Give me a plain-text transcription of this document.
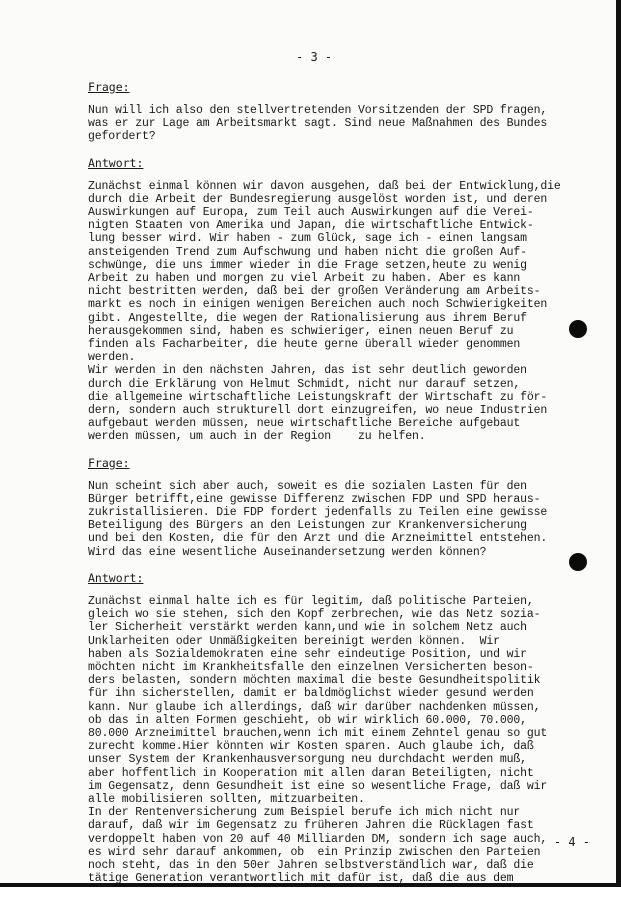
- 3 -
Frage:
Nun will ich also den stellvertretenden Vorsitzenden der SPD fragen,
was er zur Lage am Arbeitsmarkt sagt. Sind neue Maßnahmen des Bundes
gefordert?
Antwort:
Zunächst einmal können wir davon ausgehen, daß bei der Entwicklung,die
durch die Arbeit der Bundesregierung ausgelöst worden ist, und deren
Auswirkungen auf Europa, zum Teil auch Auswirkungen auf die Verei-
nigten Staaten von Amerika und Japan, die wirtschaftliche Entwick-
lung besser wird. Wir haben - zum Glück, sage ich - einen langsam
ansteigenden Trend zum Aufschwung und haben nicht die großen Auf-
schwünge, die uns immer wieder in die Frage setzen,heute zu wenig
Arbeit zu haben und morgen zu viel Arbeit zu haben. Aber es kann
nicht bestritten werden, daß bei der großen Veränderung am Arbeits-
markt es noch in einigen wenigen Bereichen auch noch Schwierigkeiten
gibt. Angestellte, die wegen der Rationalisierung aus ihrem Beruf
herausgekommen sind, haben es schwieriger, einen neuen Beruf zu
finden als Facharbeiter, die heute gerne überall wieder genommen
werden.
Wir werden in den nächsten Jahren, das ist sehr deutlich geworden
durch die Erklärung von Helmut Schmidt, nicht nur darauf setzen,
die allgemeine wirtschaftliche Leistungskraft der Wirtschaft zu för-
dern, sondern auch strukturell dort einzugreifen, wo neue Industrien
aufgebaut werden müssen, neue wirtschaftliche Bereiche aufgebaut
werden müssen, um auch in der Region    zu helfen.
Frage:
Nun scheint sich aber auch, soweit es die sozialen Lasten für den
Bürger betrifft,eine gewisse Differenz zwischen FDP und SPD heraus-
zukristallisieren. Die FDP fordert jedenfalls zu Teilen eine gewisse
Beteiligung des Bürgers an den Leistungen zur Krankenversicherung
und bei den Kosten, die für den Arzt und die Arzneimittel entstehen.
Wird das eine wesentliche Auseinandersetzung werden können?
Antwort:
Zunächst einmal halte ich es für legitim, daß politische Parteien,
gleich wo sie stehen, sich den Kopf zerbrechen, wie das Netz sozia-
ler Sicherheit verstärkt werden kann,und wie in solchem Netz auch
Unklarheiten oder Unmäßigkeiten bereinigt werden können.  Wir
haben als Sozialdemokraten eine sehr eindeutige Position, und wir
möchten nicht im Krankheitsfalle den einzelnen Versicherten beson-
ders belasten, sondern möchten maximal die beste Gesundheitspolitik
für ihn sicherstellen, damit er baldmöglichst wieder gesund werden
kann. Nur glaube ich allerdings, daß wir darüber nachdenken müssen,
ob das in alten Formen geschieht, ob wir wirklich 60.000, 70.000,
80.000 Arzneimittel brauchen,wenn ich mit einem Zehntel genau so gut
zurecht komme.Hier könnten wir Kosten sparen. Auch glaube ich, daß
unser System der Krankenhausversorgung neu durchdacht werden muß,
aber hoffentlich in Kooperation mit allen daran Beteiligten, nicht
im Gegensatz, denn Gesundheit ist eine so wesentliche Frage, daß wir
alle mobilisieren sollten, mitzuarbeiten.
In der Rentenversicherung zum Beispiel berufe ich mich nicht nur
darauf, daß wir im Gegensatz zu früheren Jahren die Rücklagen fast
verdoppelt haben von 20 auf 40 Milliarden DM, sondern ich sage auch,
es wird sehr darauf ankommen, ob  ein Prinzip zwischen den Parteien
noch steht, das in den 50er Jahren selbstverständlich war, daß die
tätige Generation verantwortlich mit dafür ist, daß die aus dem
- 4 -
